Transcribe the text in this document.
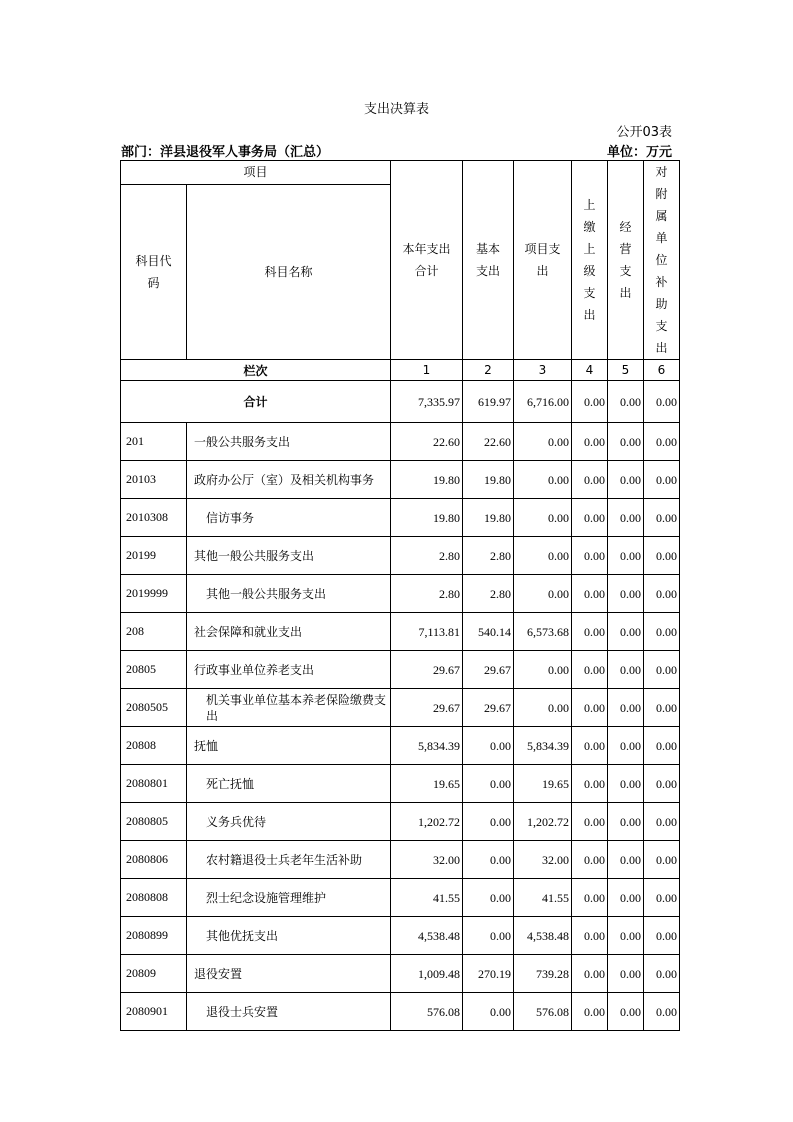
支出决算表
公开03表
部门：洋县退役军人事务局（汇总）	单位：万元
项目		本年支出合计	基本支出	项目支出	上缴上级支出	经营支出	对附属单位补助支出

科目代码	科目名称						
栏次		1	2	3	4	5	6
合计		7,335.97	619.97	6,716.00	0.00	0.00	0.00
201	一般公共服务支出	22.60	22.60	0.00	0.00	0.00	0.00
20103	政府办公厅（室）及相关机构事务	19.80	19.80	0.00	0.00	0.00	0.00
2010308	信访事务	19.80	19.80	0.00	0.00	0.00	0.00
20199	其他一般公共服务支出	2.80	2.80	0.00	0.00	0.00	0.00
2019999	其他一般公共服务支出	2.80	2.80	0.00	0.00	0.00	0.00
208	社会保障和就业支出	7,113.81	540.14	6,573.68	0.00	0.00	0.00
20805	行政事业单位养老支出	29.67	29.67	0.00	0.00	0.00	0.00
2080505	机关事业单位基本养老保险缴费支出	29.67	29.67	0.00	0.00	0.00	0.00
20808	抚恤	5,834.39	0.00	5,834.39	0.00	0.00	0.00
2080801	死亡抚恤	19.65	0.00	19.65	0.00	0.00	0.00
2080805	义务兵优待	1,202.72	0.00	1,202.72	0.00	0.00	0.00
2080806	农村籍退役士兵老年生活补助	32.00	0.00	32.00	0.00	0.00	0.00
2080808	烈士纪念设施管理维护	41.55	0.00	41.55	0.00	0.00	0.00
2080899	其他优抚支出	4,538.48	0.00	4,538.48	0.00	0.00	0.00
20809	退役安置	1,009.48	270.19	739.28	0.00	0.00	0.00
2080901	退役士兵安置	576.08	0.00	576.08	0.00	0.00	0.00
